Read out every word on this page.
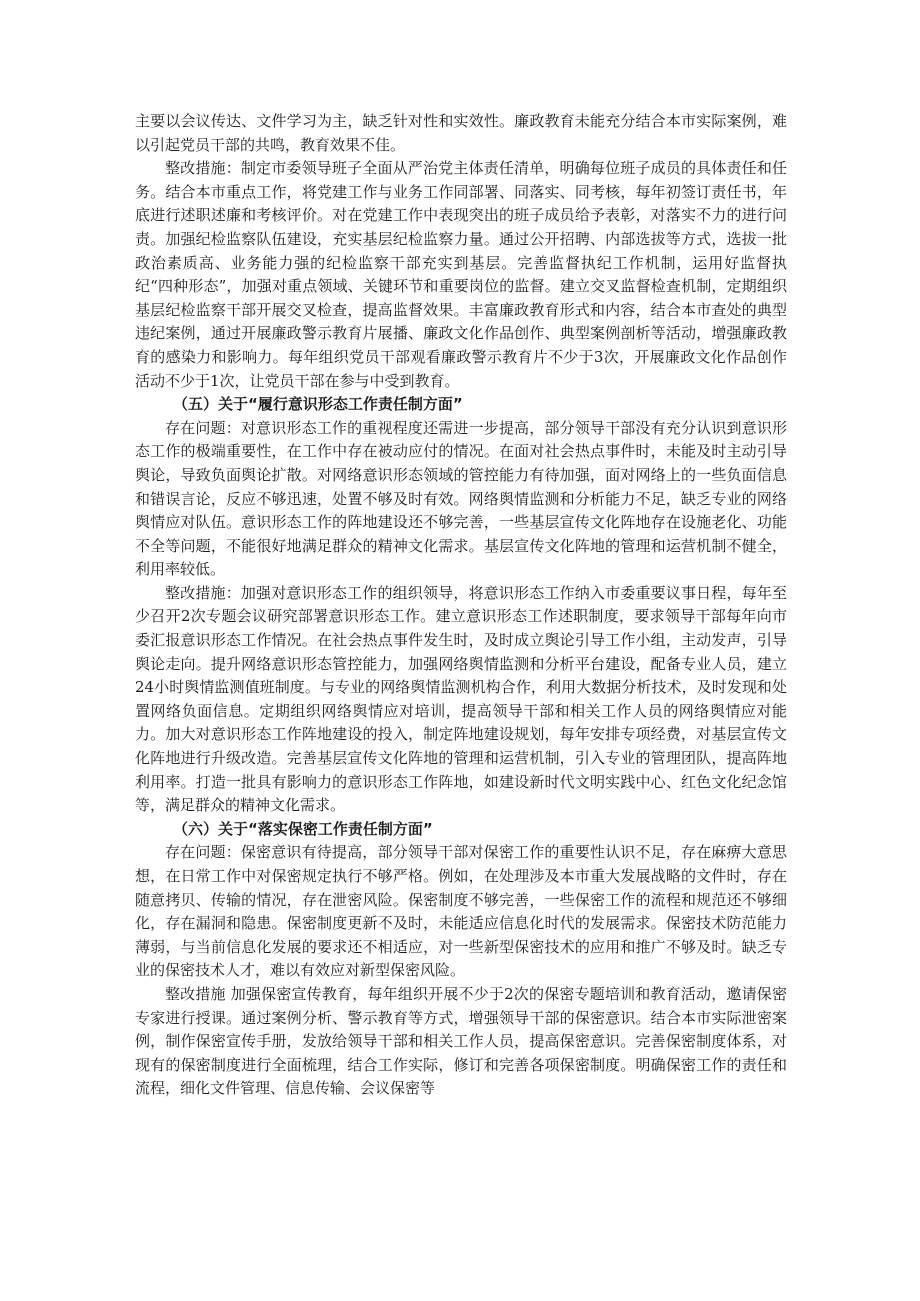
主要以会议传达、文件学习为主，缺乏针对性和实效性。廉政教育未能充分结合本市实际案例，难以引起党员干部的共鸣，教育效果不佳。

整改措施：制定市委领导班子全面从严治党主体责任清单，明确每位班子成员的具体责任和任务。结合本市重点工作，将党建工作与业务工作同部署、同落实、同考核，每年初签订责任书，年底进行述职述廉和考核评价。对在党建工作中表现突出的班子成员给予表彰，对落实不力的进行问责。加强纪检监察队伍建设，充实基层纪检监察力量。通过公开招聘、内部选拔等方式，选拔一批政治素质高、业务能力强的纪检监察干部充实到基层。完善监督执纪工作机制，运用好监督执纪“四种形态”，加强对重点领域、关键环节和重要岗位的监督。建立交叉监督检查机制，定期组织基层纪检监察干部开展交叉检查，提高监督效果。丰富廉政教育形式和内容，结合本市查处的典型违纪案例，通过开展廉政警示教育片展播、廉政文化作品创作、典型案例剖析等活动，增强廉政教育的感染力和影响力。每年组织党员干部观看廉政警示教育片不少于3次，开展廉政文化作品创作活动不少于1次，让党员干部在参与中受到教育。

（五）关于“履行意识形态工作责任制方面”

存在问题：对意识形态工作的重视程度还需进一步提高，部分领导干部没有充分认识到意识形态工作的极端重要性，在工作中存在被动应付的情况。在面对社会热点事件时，未能及时主动引导舆论，导致负面舆论扩散。对网络意识形态领域的管控能力有待加强，面对网络上的一些负面信息和错误言论，反应不够迅速，处置不够及时有效。网络舆情监测和分析能力不足，缺乏专业的网络舆情应对队伍。意识形态工作的阵地建设还不够完善，一些基层宣传文化阵地存在设施老化、功能不全等问题，不能很好地满足群众的精神文化需求。基层宣传文化阵地的管理和运营机制不健全，利用率较低。

整改措施：加强对意识形态工作的组织领导，将意识形态工作纳入市委重要议事日程，每年至少召开2次专题会议研究部署意识形态工作。建立意识形态工作述职制度，要求领导干部每年向市委汇报意识形态工作情况。在社会热点事件发生时，及时成立舆论引导工作小组，主动发声，引导舆论走向。提升网络意识形态管控能力，加强网络舆情监测和分析平台建设，配备专业人员，建立24小时舆情监测值班制度。与专业的网络舆情监测机构合作，利用大数据分析技术，及时发现和处置网络负面信息。定期组织网络舆情应对培训，提高领导干部和相关工作人员的网络舆情应对能力。加大对意识形态工作阵地建设的投入，制定阵地建设规划，每年安排专项经费，对基层宣传文化阵地进行升级改造。完善基层宣传文化阵地的管理和运营机制，引入专业的管理团队，提高阵地利用率。打造一批具有影响力的意识形态工作阵地，如建设新时代文明实践中心、红色文化纪念馆等，满足群众的精神文化需求。

（六）关于“落实保密工作责任制方面”

存在问题：保密意识有待提高，部分领导干部对保密工作的重要性认识不足，存在麻痹大意思想，在日常工作中对保密规定执行不够严格。例如，在处理涉及本市重大发展战略的文件时，存在随意拷贝、传输的情况，存在泄密风险。保密制度不够完善，一些保密工作的流程和规范还不够细化，存在漏洞和隐患。保密制度更新不及时，未能适应信息化时代的发展需求。保密技术防范能力薄弱，与当前信息化发展的要求还不相适应，对一些新型保密技术的应用和推广不够及时。缺乏专业的保密技术人才，难以有效应对新型保密风险。

整改措施 加强保密宣传教育，每年组织开展不少于2次的保密专题培训和教育活动，邀请保密专家进行授课。通过案例分析、警示教育等方式，增强领导干部的保密意识。结合本市实际泄密案例，制作保密宣传手册，发放给领导干部和相关工作人员，提高保密意识。完善保密制度体系，对现有的保密制度进行全面梳理，结合工作实际，修订和完善各项保密制度。明确保密工作的责任和流程，细化文件管理、信息传输、会议保密等
